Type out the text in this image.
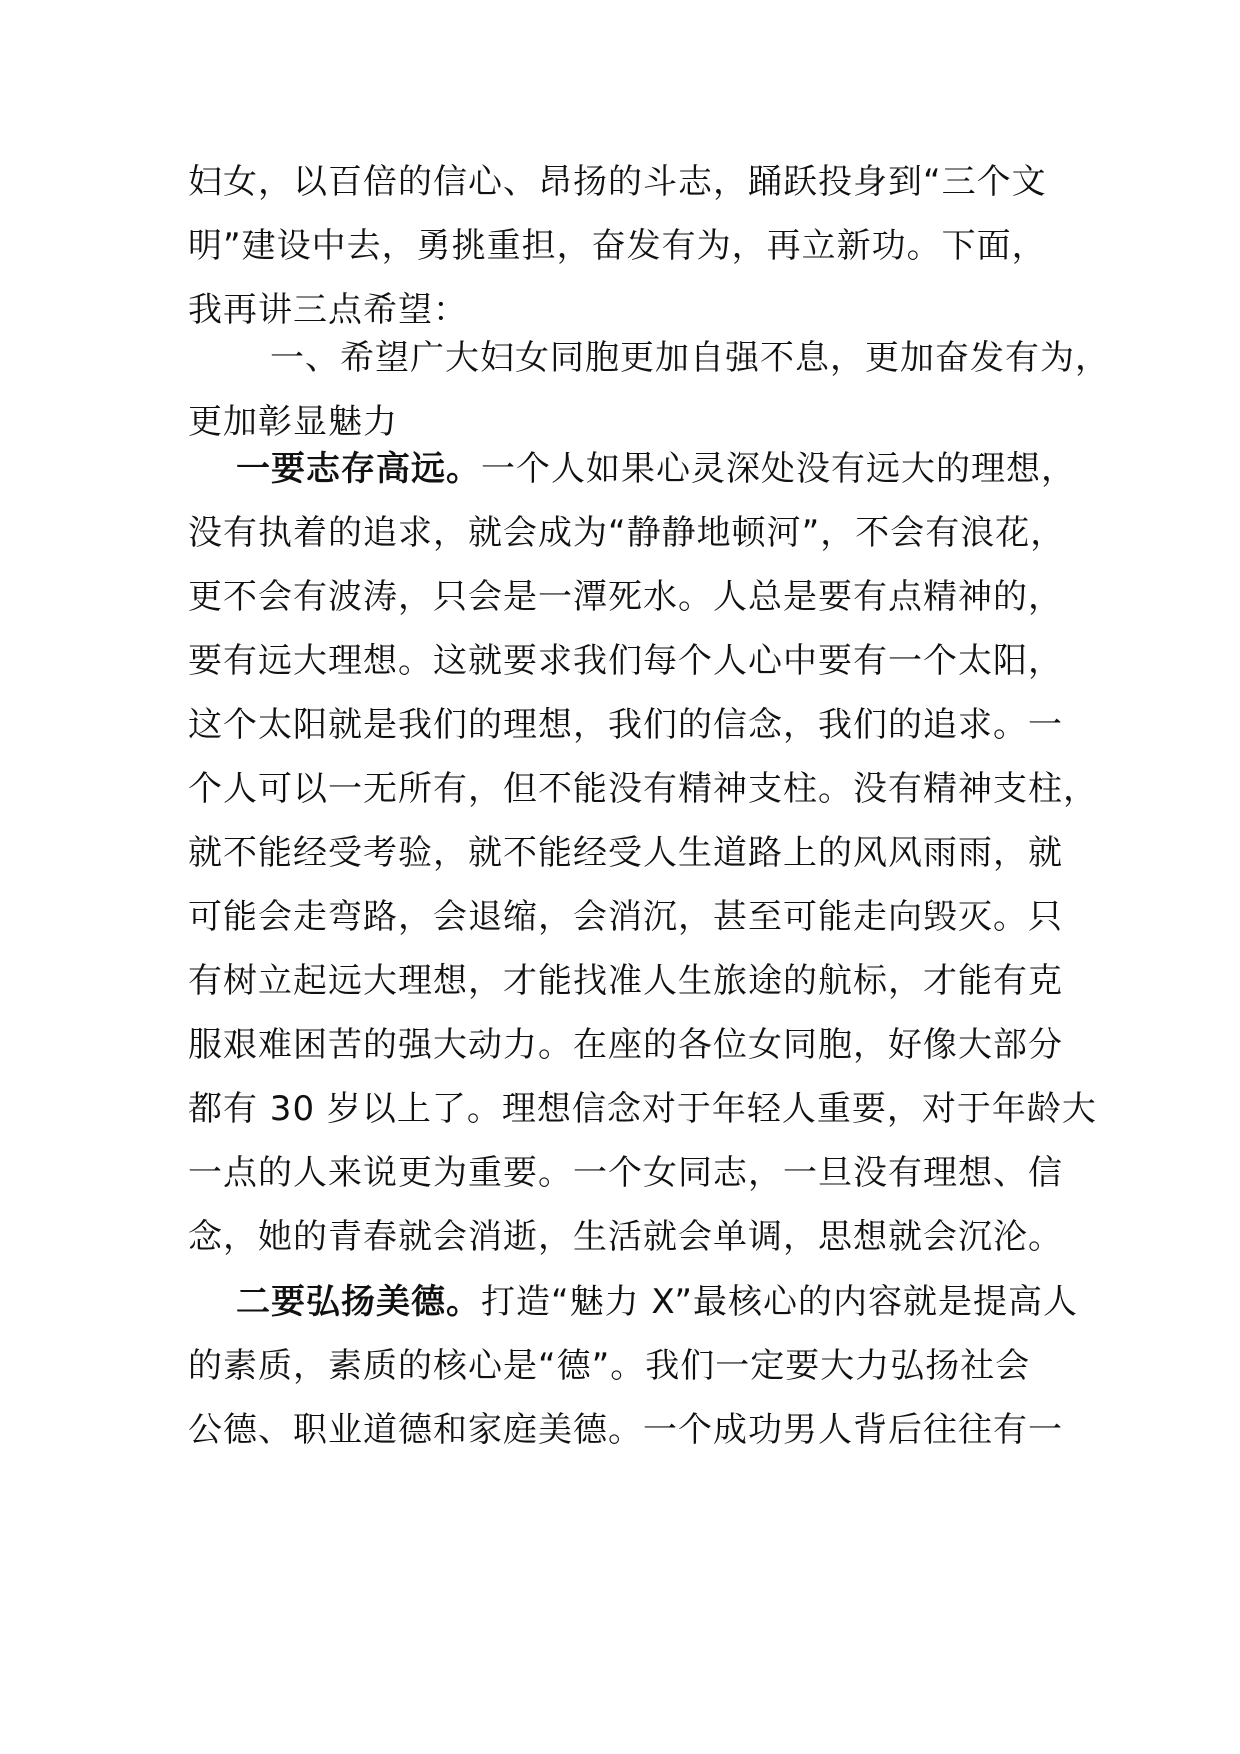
妇女，以百倍的信心、昂扬的斗志，踊跃投身到“三个文
明”建设中去，勇挑重担，奋发有为，再立新功。下面，
我再讲三点希望：
一、希望广大妇女同胞更加自强不息，更加奋发有为，
更加彰显魅力
一要志存高远。一个人如果心灵深处没有远大的理想，
没有执着的追求，就会成为“静静地顿河”，不会有浪花，
更不会有波涛，只会是一潭死水。人总是要有点精神的，
要有远大理想。这就要求我们每个人心中要有一个太阳，
这个太阳就是我们的理想，我们的信念，我们的追求。一
个人可以一无所有，但不能没有精神支柱。没有精神支柱，
就不能经受考验，就不能经受人生道路上的风风雨雨，就
可能会走弯路，会退缩，会消沉，甚至可能走向毁灭。只
有树立起远大理想，才能找准人生旅途的航标，才能有克
服艰难困苦的强大动力。在座的各位女同胞，好像大部分
都有 30 岁以上了。理想信念对于年轻人重要，对于年龄大
一点的人来说更为重要。一个女同志，一旦没有理想、信
念，她的青春就会消逝，生活就会单调，思想就会沉沦。
二要弘扬美德。打造“魅力 X”最核心的内容就是提高人
的素质，素质的核心是“德”。我们一定要大力弘扬社会
公德、职业道德和家庭美德。一个成功男人背后往往有一
